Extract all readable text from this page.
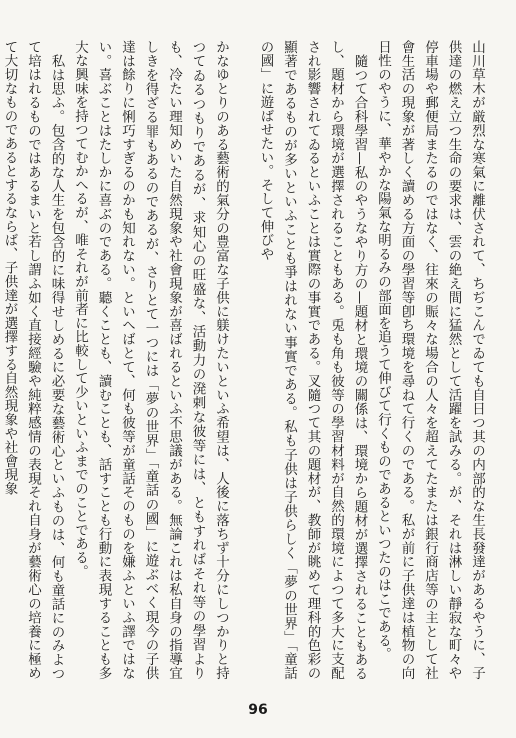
山川草木が厳烈な寒氣に離伏されて、ちぢこんでゐても自日つ其の内部的な生長發達があるやうに、子供達の燃え立つ生命の要求は、雲の絶え間に猛然として活躍を試みる。が、それは淋しい靜寂な町々や停車場や郵便局またるのではなく、往來の賑々な場合の人々を超えてたまたは銀行商店等の主として社會生活の現象が著しく讀める方面の學習等卽ち環境を尋ねて行くのである。私が前に子供達は植物の向日性のやうに、華やかな陽氣な明るみの部面を追うて伸びて行くものであるといつたのはこである。

隨つて合科學習—私のやうなやり方の—題材と環境の關係は、環境から題材が選擇されることもあるし、題材から環境が選擇されることもある。兎も角も彼等の學習材料が自然的環境によつて多大に支配され影響されてゐるといふことは實際の事實である。叉隨つて其の題材が、教師が眺めて理科的色彩の顯著であるものが多いといふことも爭はれない事實である。私も子供は子供らしく「夢の世界」「童話の國」に遊ばせたい。そして伸びや

かなゆとりのある藝術的氣分の豊富な子供に躾けたいといふ希望は、人後に落ちず十分にしつかりと持つてゐるつもりであるが、求知心の旺盛な、活動力の溌剌な彼等には、ともすればそれ等の學習よりも、冷たい理知めいた自然現象や社會現象が喜ばれるといふ不思議がある。無論これは私自身の指導宜しきを得ざる罪もあるのであるが、さりとて一つには「夢の世界」「童話の國」に遊ぶべく現今の子供達は餘りに悧巧すぎるのかも知れない。といへばとて、何も彼等が童話そのものを嫌ふといふ譯ではない。喜ぶことはたしかに喜ぶのである。聽くことも、讀むことも、話すことも行動に表現することも多大な興味を持つてむかへるが、唯それが前者に比較して少いといふまでのことである。

私は思ふ。包含的な人生を包含的に味得せしめるに必要な藝術心といふものは、何も童話にのみよつて培はれるものではあるまいと若し謂ふ如く直接經驗や純粹感情の表現それ自身が藝術心の培養に極めて大切なものであるとするならば、子供達が選擇する自然現象や社會現象

96
